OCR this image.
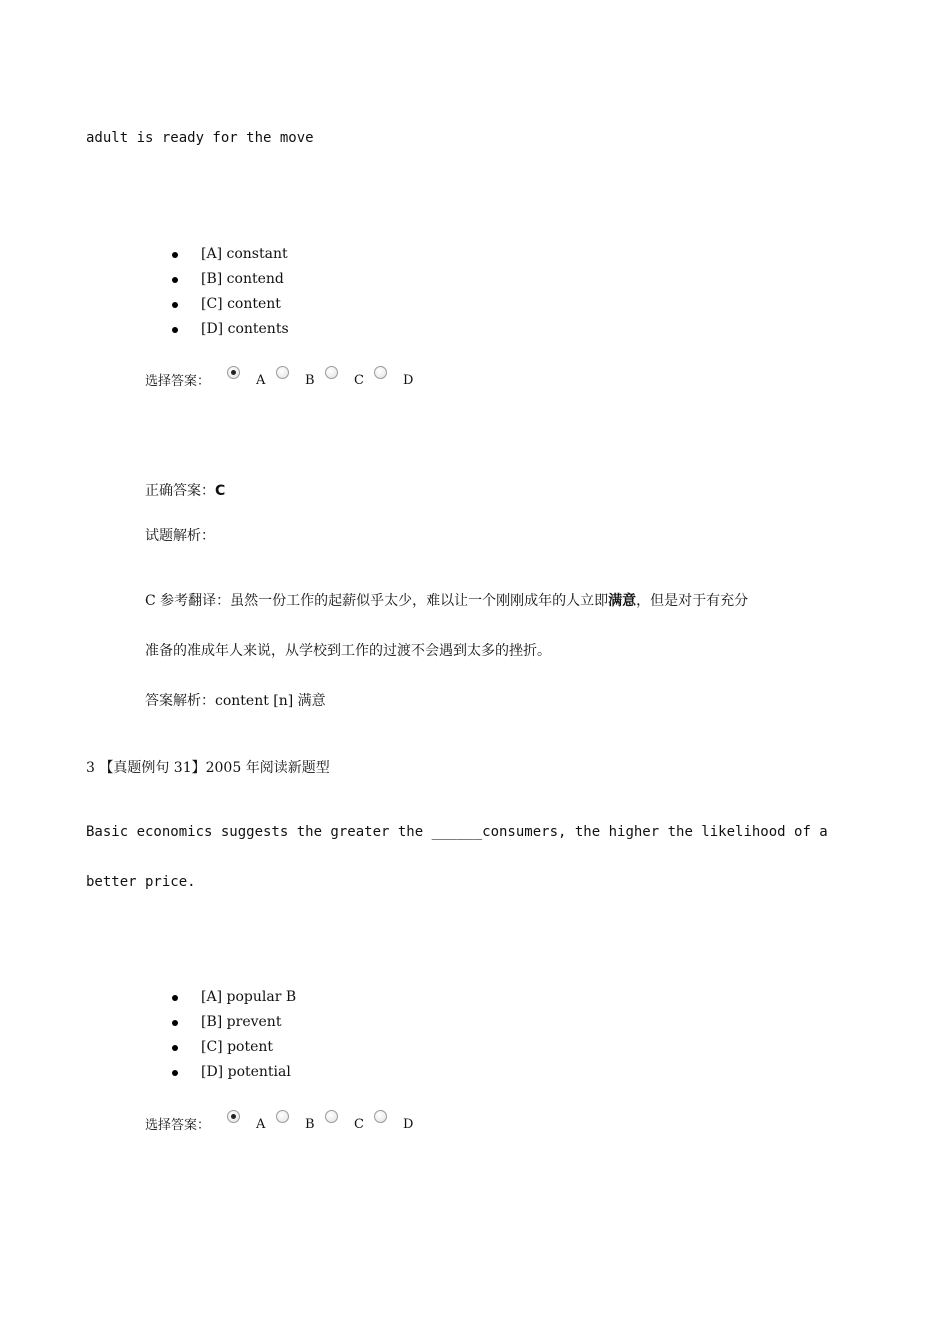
adult is ready for the move
[A] constant
[B] contend
[C] content
[D] contents
选择答案：	A	B	C	D
正确答案：C
试题解析：
C 参考翻译：虽然一份工作的起薪似乎太少，难以让一个刚刚成年的人立即满意，但是对于有充分
准备的准成年人来说，从学校到工作的过渡不会遇到太多的挫折。
答案解析：content [n] 满意
3 【真题例句 31】2005 年阅读新题型
Basic economics suggests the greater the ______consumers, the higher the likelihood of a
better price.
[A] popular B
[B] prevent
[C] potent
[D] potential
选择答案：	A	B	C	D
